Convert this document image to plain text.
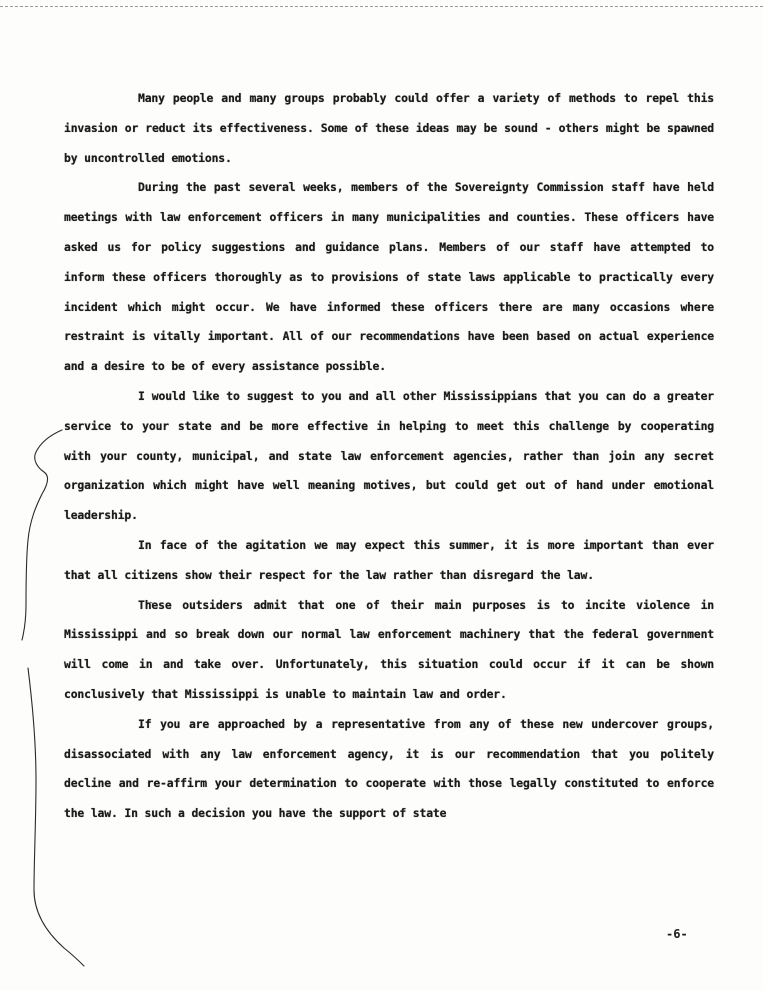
Many people and many groups probably could offer a variety of methods to repel this invasion or reduct its effectiveness. Some of these ideas may be sound - others might be spawned by uncontrolled emotions.

During the past several weeks, members of the Sovereignty Commission staff have held meetings with law enforcement officers in many municipalities and counties. These officers have asked us for policy suggestions and guidance plans. Members of our staff have attempted to inform these officers thoroughly as to provisions of state laws applicable to practically every incident which might occur. We have informed these officers there are many occasions where restraint is vitally important. All of our recommendations have been based on actual experience and a desire to be of every assistance possible.

I would like to suggest to you and all other Mississippians that you can do a greater service to your state and be more effective in helping to meet this challenge by cooperating with your county, municipal, and state law enforcement agencies, rather than join any secret organization which might have well meaning motives, but could get out of hand under emotional leadership.

In face of the agitation we may expect this summer, it is more important than ever that all citizens show their respect for the law rather than disregard the law.

These outsiders admit that one of their main purposes is to incite violence in Mississippi and so break down our normal law enforcement machinery that the federal government will come in and take over. Unfortunately, this situation could occur if it can be shown conclusively that Mississippi is unable to maintain law and order.

If you are approached by a representative from any of these new undercover groups, disassociated with any law enforcement agency, it is our recommendation that you politely decline and re-affirm your determination to cooperate with those legally constituted to enforce the law. In such a decision you have the support of state

-6-
